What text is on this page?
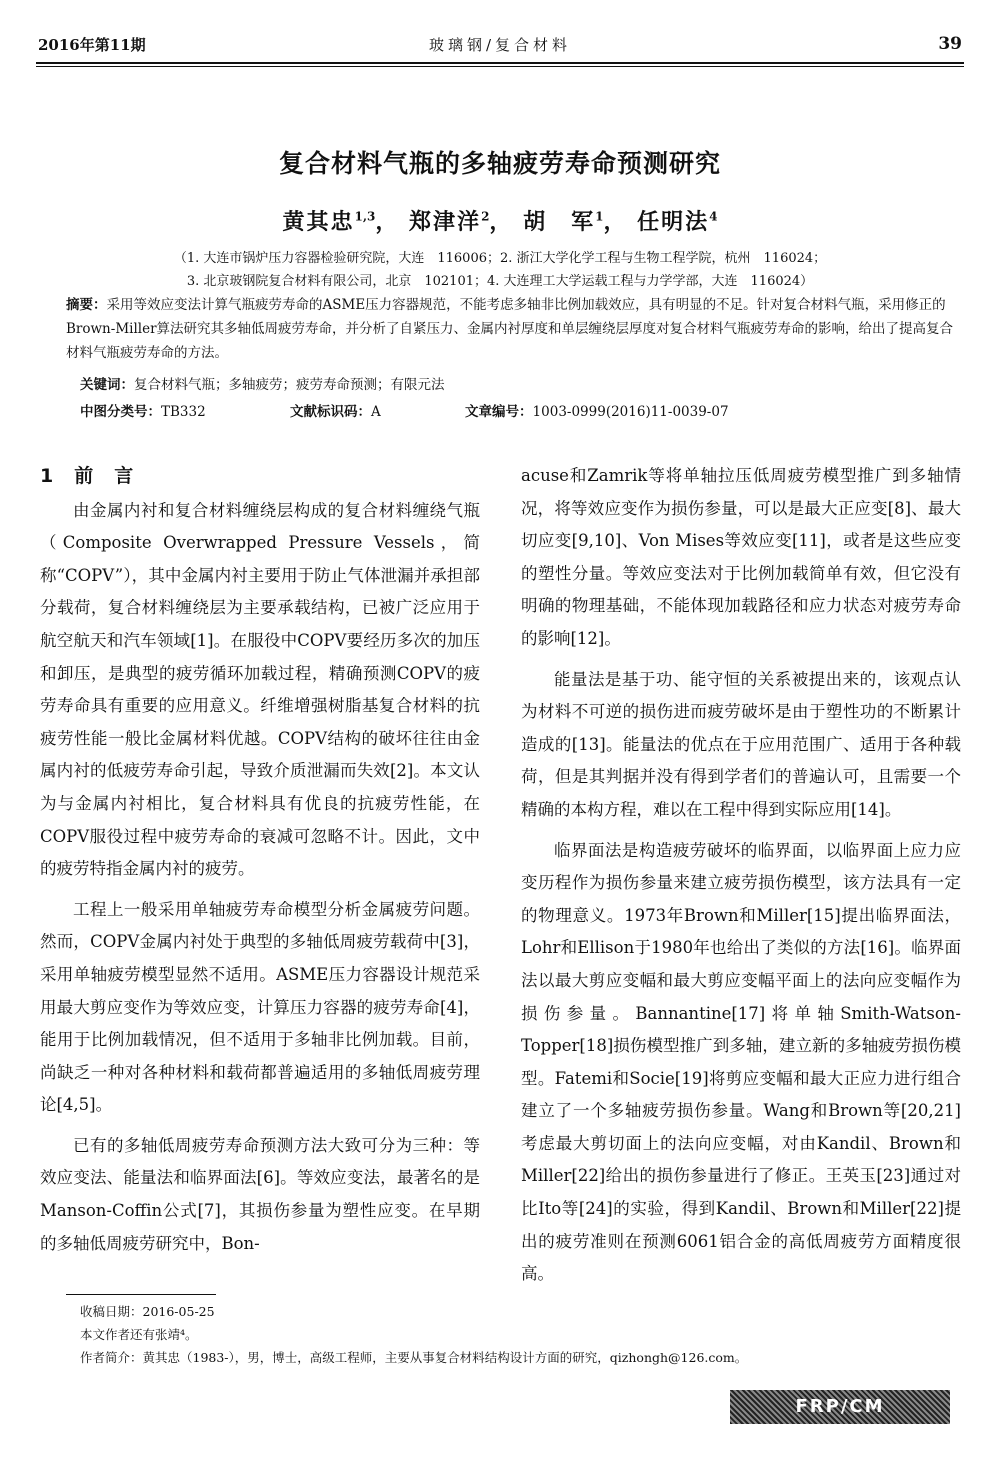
2016年第11期	玻璃钢/复合材料	39
复合材料气瓶的多轴疲劳寿命预测研究
黄其忠$^{1,3}$， 郑津洋$^2$， 胡　军$^1$， 任明法$^4$
（1. 大连市锅炉压力容器检验研究院，大连　116006；2. 浙江大学化学工程与生物工程学院，杭州　116024；
3. 北京玻钢院复合材料有限公司，北京　102101；4. 大连理工大学运载工程与力学学部，大连　116024）
摘要：采用等效应变法计算气瓶疲劳寿命的ASME压力容器规范，不能考虑多轴非比例加载效应，具有明显的不足。针对复合材料气瓶，采用修正的Brown-Miller算法研究其多轴低周疲劳寿命，并分析了自紧压力、金属内衬厚度和单层缠绕层厚度对复合材料气瓶疲劳寿命的影响，给出了提高复合材料气瓶疲劳寿命的方法。
关键词：复合材料气瓶；多轴疲劳；疲劳寿命预测；有限元法
中图分类号：TB332	文献标识码：A	文章编号：1003-0999(2016)11-0039-07
1　前　言

由金属内衬和复合材料缠绕层构成的复合材料缠绕气瓶（Composite Overwrapped Pressure Vessels，简称“COPV”），其中金属内衬主要用于防止气体泄漏并承担部分载荷，复合材料缠绕层为主要承载结构，已被广泛应用于航空航天和汽车领域[1]。在服役中COPV要经历多次的加压和卸压，是典型的疲劳循环加载过程，精确预测COPV的疲劳寿命具有重要的应用意义。纤维增强树脂基复合材料的抗疲劳性能一般比金属材料优越。COPV结构的破坏往往由金属内衬的低疲劳寿命引起，导致介质泄漏而失效[2]。本文认为与金属内衬相比，复合材料具有优良的抗疲劳性能，在COPV服役过程中疲劳寿命的衰减可忽略不计。因此，文中的疲劳特指金属内衬的疲劳。

工程上一般采用单轴疲劳寿命模型分析金属疲劳问题。然而，COPV金属内衬处于典型的多轴低周疲劳载荷中[3]，采用单轴疲劳模型显然不适用。ASME压力容器设计规范采用最大剪应变作为等效应变，计算压力容器的疲劳寿命[4]，能用于比例加载情况，但不适用于多轴非比例加载。目前，尚缺乏一种对各种材料和载荷都普遍适用的多轴低周疲劳理论[4,5]。

已有的多轴低周疲劳寿命预测方法大致可分为三种：等效应变法、能量法和临界面法[6]。等效应变法，最著名的是Manson-Coffin公式[7]，其损伤参量为塑性应变。在早期的多轴低周疲劳研究中，Bon-

acuse和Zamrik等将单轴拉压低周疲劳模型推广到多轴情况，将等效应变作为损伤参量，可以是最大正应变[8]、最大切应变[9,10]、Von Mises等效应变[11]，或者是这些应变的塑性分量。等效应变法对于比例加载简单有效，但它没有明确的物理基础，不能体现加载路径和应力状态对疲劳寿命的影响[12]。

能量法是基于功、能守恒的关系被提出来的，该观点认为材料不可逆的损伤进而疲劳破坏是由于塑性功的不断累计造成的[13]。能量法的优点在于应用范围广、适用于各种载荷，但是其判据并没有得到学者们的普遍认可，且需要一个精确的本构方程，难以在工程中得到实际应用[14]。

临界面法是构造疲劳破坏的临界面，以临界面上应力应变历程作为损伤参量来建立疲劳损伤模型，该方法具有一定的物理意义。1973年Brown和Miller[15]提出临界面法，Lohr和Ellison于1980年也给出了类似的方法[16]。临界面法以最大剪应变幅和最大剪应变幅平面上的法向应变幅作为损伤参量。Bannantine[17]将单轴Smith-Watson-Topper[18]损伤模型推广到多轴，建立新的多轴疲劳损伤模型。Fatemi和Socie[19]将剪应变幅和最大正应力进行组合建立了一个多轴疲劳损伤参量。Wang和Brown等[20,21]考虑最大剪切面上的法向应变幅，对由Kandil、Brown和Miller[22]给出的损伤参量进行了修正。王英玉[23]通过对比Ito等[24]的实验，得到Kandil、Brown和Miller[22]提出的疲劳准则在预测6061铝合金的高低周疲劳方面精度很高。

收稿日期：2016-05-25
本文作者还有张靖⁴。
作者简介：黄其忠（1983-），男，博士，高级工程师，主要从事复合材料结构设计方面的研究，qizhongh@126.com。
FRP/CM 2016.No.11
